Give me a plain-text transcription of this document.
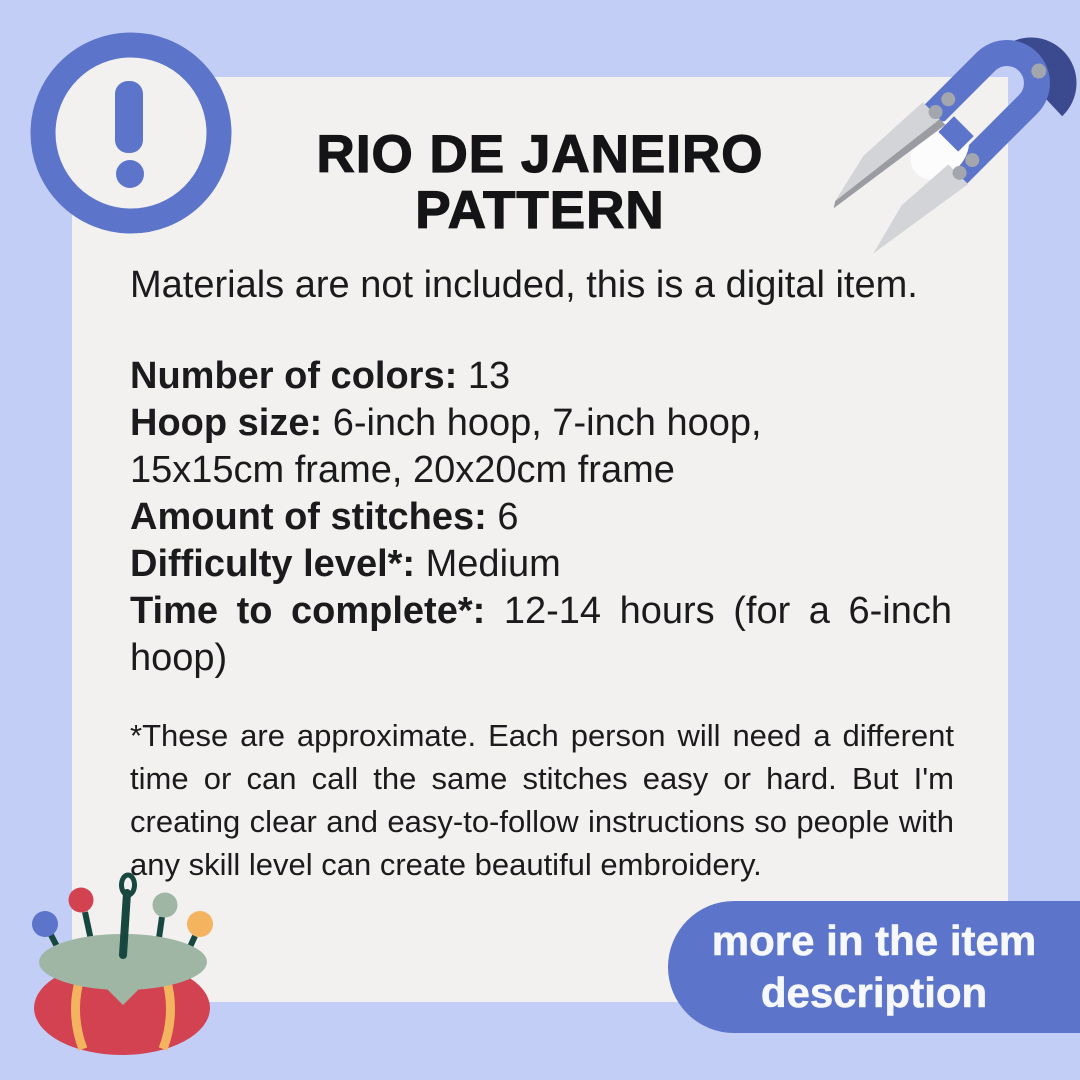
RIO DE JANEIRO
PATTERN
Materials are not included, this is a digital item.
Number of colors: 13
Hoop size: 6-inch hoop, 7-inch hoop,
15x15cm frame, 20x20cm frame
Amount of stitches: 6
Difficulty level*: Medium
Time to complete*: 12-14 hours (for a 6-inch hoop)
*These are approximate. Each person will need a different time or can call the same stitches easy or hard. But I'm creating clear and easy-to-follow instructions so people with any skill level can create beautiful embroidery.
more in the item
description
